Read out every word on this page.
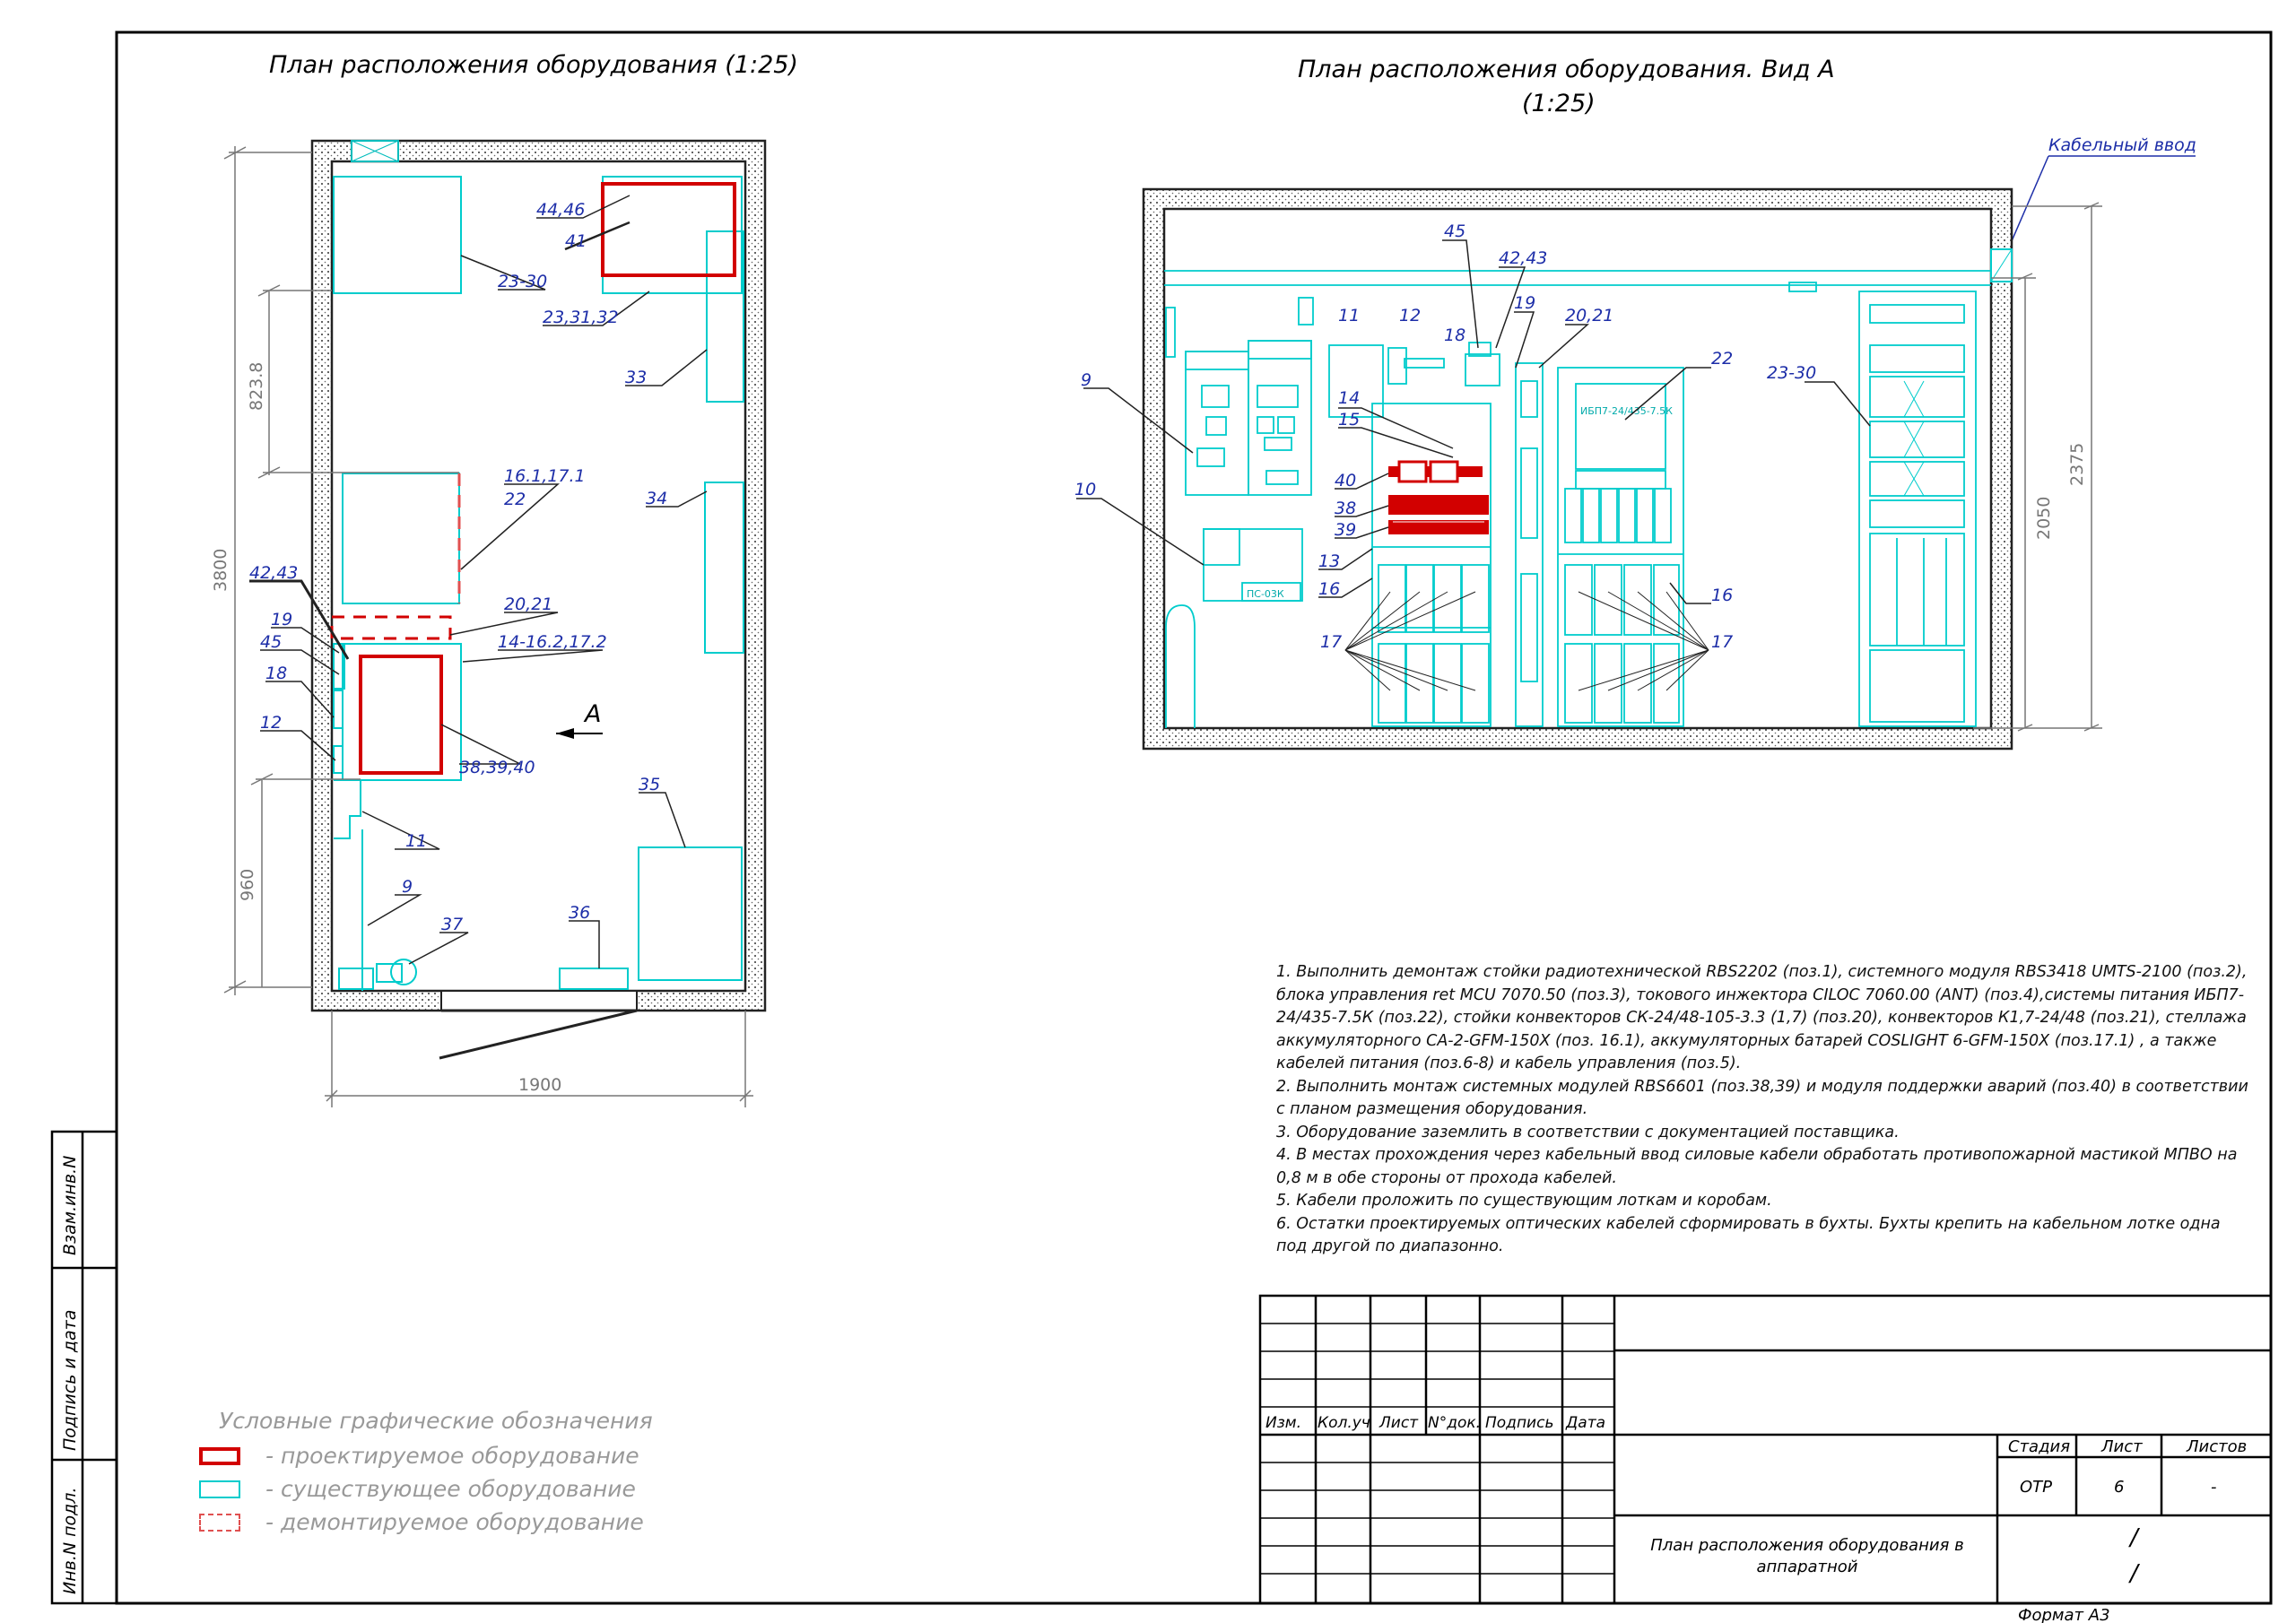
Взам.инв.N
Подпись и дата
Инв.N подл.
План расположения оборудования (1:25)
3800
823.8
960
1900
А
44,46
41
23-30
23,31,32
33
16.1,17.1
22	34
42,43
19
45
18
12
20,21
14-16.2,17.2
38,39,40
11
9
37
36
35
План расположения оборудования. Вид А
(1:25)
Кабельный ввод
ИБП7-24/435-7.5К
ПС-03К
2050
2375
45
42,43
19
20,21
11 12
18
9
14
15
40
38
39
13
16
17
10
22
23-30
16
17
1. Выполнить демонтаж стойки радиотехнической RBS2202 (поз.1), системного модуля RBS3418 UMTS-2100 (поз.2), блока управления ret MCU 7070.50 (поз.3), токового инжектора CILOC 7060.00 (ANT) (поз.4),системы питания ИБП7-24/435-7.5К (поз.22), стойки конвекторов СК-24/48-105-3.3 (1,7) (поз.20), конвекторов К1,7-24/48 (поз.21), стеллажа аккумуляторного СА-2-GFM-150X (поз. 16.1), аккумуляторных батарей COSLIGHT 6-GFM-150X (поз.17.1) , а также кабелей питания (поз.6-8) и кабель управления (поз.5).
2. Выполнить монтаж системных модулей RBS6601 (поз.38,39) и модуля поддержки аварий (поз.40) в соответствии с планом размещения оборудования.
3. Оборудование заземлить в соответствии с документацией поставщика.
4. В местах прохождения через кабельный ввод силовые кабели обработать противопожарной мастикой МПВО на 0,8 м в обе стороны от прохода кабелей.
5. Кабели проложить по существующим лоткам и коробам.
6. Остатки проектируемых оптических кабелей сформировать в бухты. Бухты крепить на кабельном лотке одна под другой по диапазонно.
Условные графические обозначения
- проектируемое оборудование
- существующее оборудование
- демонтируемое оборудование
Изм. Кол.уч Лист N°док. Подпись Дата
Стадия Лист	Листов
ОТР	6	-
План расположения оборудования в аппаратной
/
/
Формат А3
